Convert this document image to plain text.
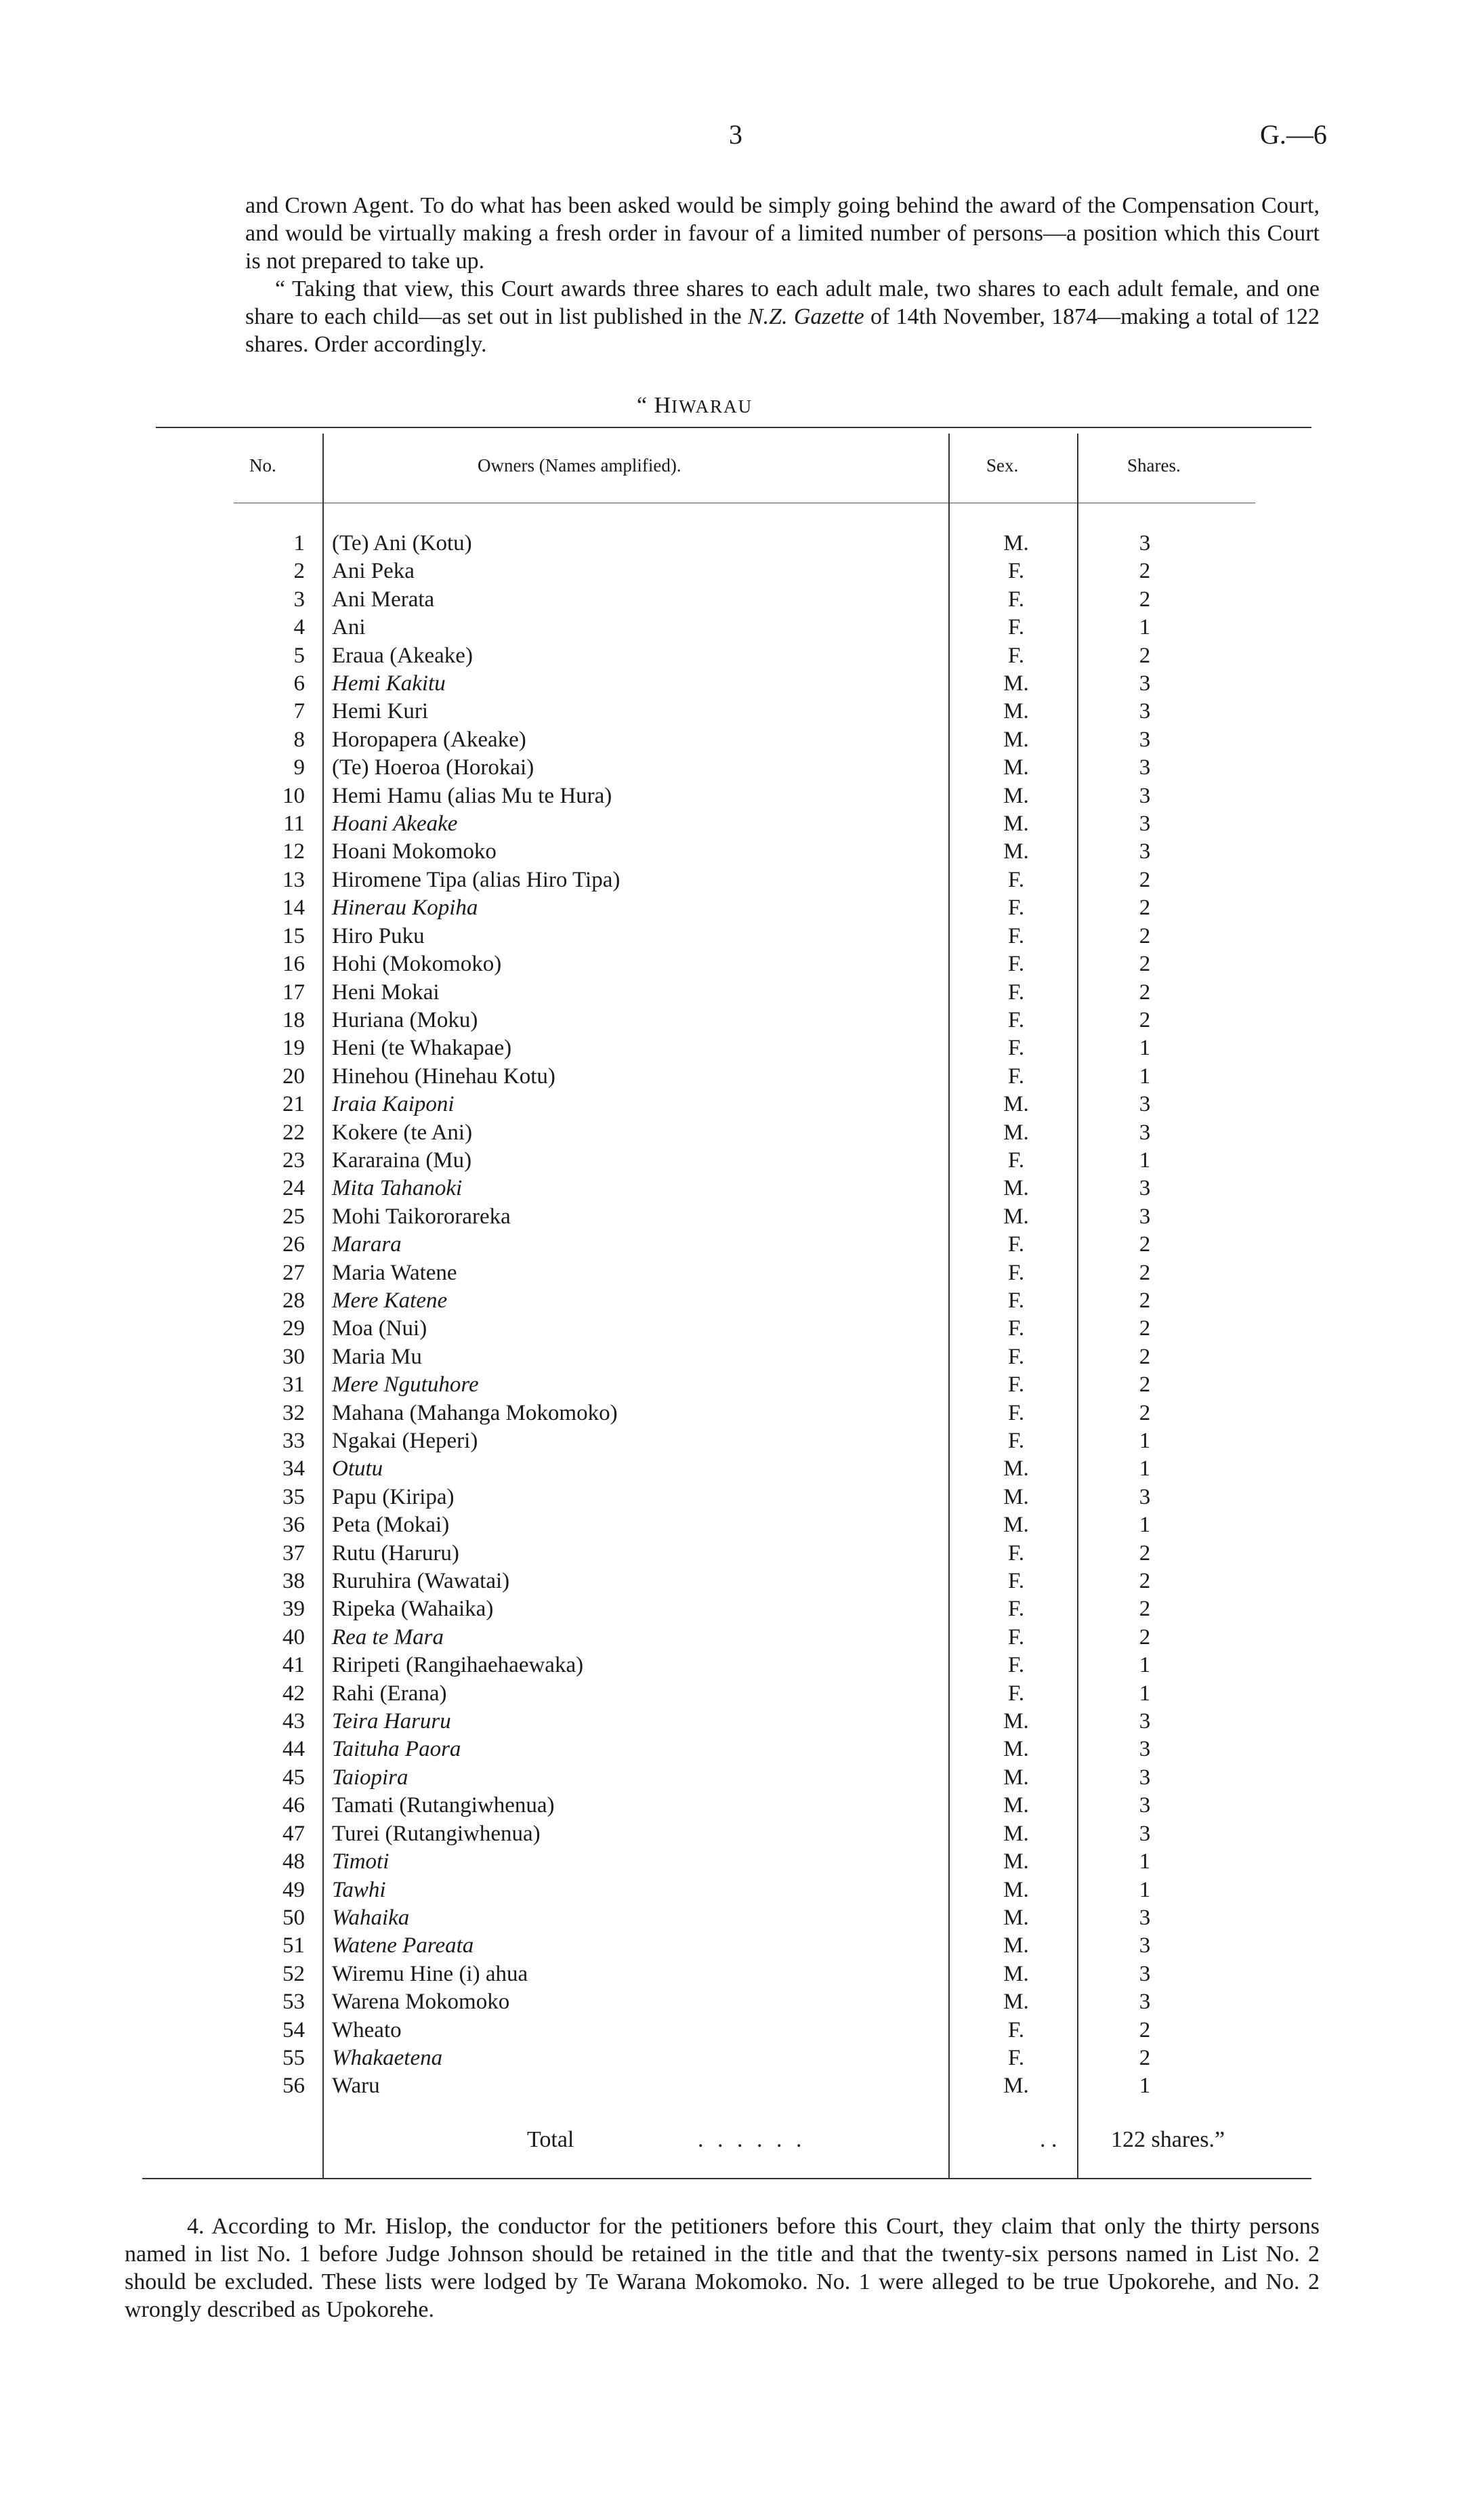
3	G.—6

and Crown Agent. To do what has been asked would be simply going behind the award of the Compensation Court, and would be virtually making a fresh order in favour of a limited number of persons—a position which this Court is not prepared to take up.

“ Taking that view, this Court awards three shares to each adult male, two shares to each adult female, and one share to each child—as set out in list published in the N.Z. Gazette of 14th November, 1874—making a total of 122 shares. Order accordingly.

“ HIWARAU
No.	Owners (Names amplified).	Sex.	Shares.
1		(Te) Ani (Kotu)	M.	3
2		Ani Peka	F.	2
3		Ani Merata	F.	2
4		Ani	F.	1
5		Eraua (Akeake)	F.	2
6		Hemi Kakitu	M.	3
7		Hemi Kuri	M.	3
8		Horopapera (Akeake)	M.	3
9		(Te) Hoeroa (Horokai)	M.	3
10		Hemi Hamu (alias Mu te Hura)	M.	3
11		Hoani Akeake	M.	3
12		Hoani Mokomoko	M.	3
13		Hiromene Tipa (alias Hiro Tipa)	F.	2
14		Hinerau Kopiha	F.	2
15		Hiro Puku	F.	2
16		Hohi (Mokomoko)	F.	2
17		Heni Mokai	F.	2
18		Huriana (Moku)	F.	2
19		Heni (te Whakapae)	F.	1
20		Hinehou (Hinehau Kotu)	F.	1
21		Iraia Kaiponi	M.	3
22		Kokere (te Ani)	M.	3
23		Kararaina (Mu)	F.	1
24		Mita Tahanoki	M.	3
25		Mohi Taikororareka	M.	3
26		Marara	F.	2
27		Maria Watene	F.	2
28		Mere Katene	F.	2
29		Moa (Nui)	F.	2
30		Maria Mu	F.	2
31		Mere Ngutuhore	F.	2
32		Mahana (Mahanga Mokomoko)	F.	2
33		Ngakai (Heperi)	F.	1
34		Otutu	M.	1
35		Papu (Kiripa)	M.	3
36		Peta (Mokai)	M.	1
37		Rutu (Haruru)	F.	2
38		Ruruhira (Wawatai)	F.	2
39		Ripeka (Wahaika)	F.	2
40		Rea te Mara	F.	2
41		Riripeti (Rangihaehaewaka)	F.	1
42		Rahi (Erana)	F.	1
43		Teira Haruru	M.	3
44		Taituha Paora	M.	3
45		Taiopira	M.	3
46		Tamati (Rutangiwhenua)	M.	3
47		Turei (Rutangiwhenua)	M.	3
48		Timoti	M.	1
49		Tawhi	M.	1
50		Wahaika	M.	3
51		Watene Pareata	M.	3
52		Wiremu Hine (i) ahua	M.	3
53		Warena Mokomoko	M.	3
54		Wheato	F.	2
55		Whakaetena	F.	2
56		Waru	M.	1
Total	. . . . . .	. . 122 shares.”

4. According to Mr. Hislop, the conductor for the petitioners before this Court, they claim that only the thirty persons named in list No. 1 before Judge Johnson should be retained in the title and that the twenty-six persons named in List No. 2 should be excluded. These lists were lodged by Te Warana Mokomoko. No. 1 were alleged to be true Upokorehe, and No. 2 wrongly described as Upokorehe.
